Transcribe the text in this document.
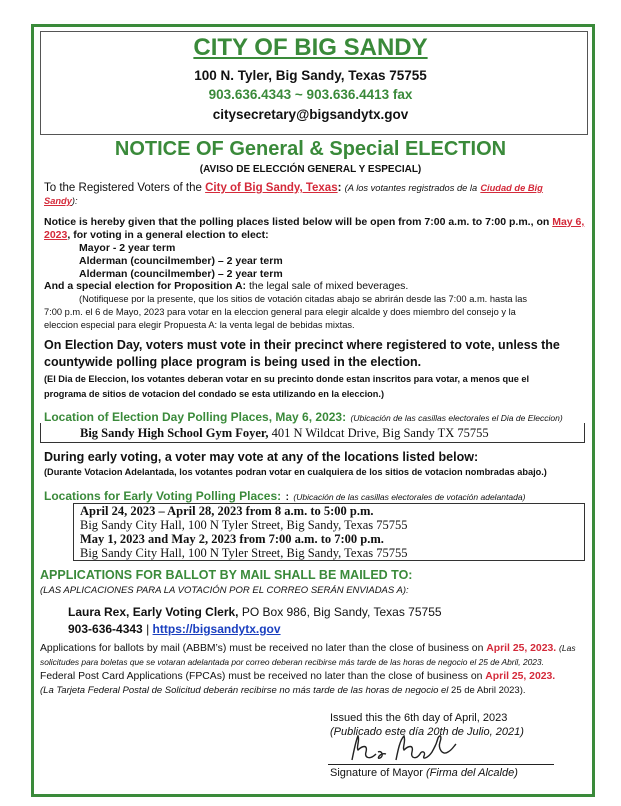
CITY OF BIG SANDY
100 N. Tyler, Big Sandy, Texas 75755
903.636.4343 ~ 903.636.4413 fax
citysecretary@bigsandytx.gov
NOTICE OF General & Special ELECTION
(AVISO DE ELECCIÓN GENERAL Y ESPECIAL)
To the Registered Voters of the City of Big Sandy, Texas: (A los votantes registrados de la Ciudad de Big
Sandy):
Notice is hereby given that the polling places listed below will be open from 7:00 a.m. to 7:00 p.m., on May 6,
2023, for voting in a general election to elect:
Mayor - 2 year term
Alderman (councilmember) – 2 year term
Alderman (councilmember) – 2 year term
And a special election for Proposition A: the legal sale of mixed beverages.
(Notifiquese por la presente, que los sitios de votación citadas abajo se abrirán desde las 7:00 a.m. hasta las
7:00 p.m. el 6 de Mayo, 2023 para votar en la eleccion general para elegir alcalde y does miembro del consejo y la
eleccion especial para elegir Propuesta A: la venta legal de bebidas mixtas.
On Election Day, voters must vote in their precinct where registered to vote, unless the
countywide polling place program is being used in the election.
(El Dia de Eleccion, los votantes deberan votar en su precinto donde estan inscritos para votar, a menos que el
programa de sitios de votacion del condado se esta utilizando en la eleccion.)
Location of Election Day Polling Places, May 6, 2023: (Ubicación de las casillas electorales el Dia de Eleccion)
Big Sandy High School Gym Foyer, 401 N Wildcat Drive, Big Sandy TX 75755
During early voting, a voter may vote at any of the locations listed below:
(Durante Votacion Adelantada, los votantes podran votar en cualquiera de los sitios de votacion nombradas abajo.)
Locations for Early Voting Polling Places: : (Ubicación de las casillas electorales de votación adelantada)
April 24, 2023 – April 28, 2023 from 8 a.m. to 5:00 p.m.
Big Sandy City Hall, 100 N Tyler Street, Big Sandy, Texas 75755
May 1, 2023 and May 2, 2023 from 7:00 a.m. to 7:00 p.m.
Big Sandy City Hall, 100 N Tyler Street, Big Sandy, Texas 75755
APPLICATIONS FOR BALLOT BY MAIL SHALL BE MAILED TO:
(LAS APLICACIONES PARA LA VOTACIÓN POR EL CORREO SERÁN ENVIADAS A):
Laura Rex, Early Voting Clerk, PO Box 986, Big Sandy, Texas 75755
903-636-4343 | https://bigsandytx.gov
Applications for ballots by mail (ABBM’s) must be received no later than the close of business on April 25, 2023. (Las
solicitudes para boletas que se votaran adelantada por correo deberan recibirse más tarde de las horas de negocio el 25 de Abril, 2023.
Federal Post Card Applications (FPCAs) must be received no later than the close of business on April 25, 2023.
(La Tarjeta Federal Postal de Solicitud deberán recibirse no más tarde de las horas de negocio el 25 de Abril 2023).
Issued this the 6th day of April, 2023
(Publicado este día 20th de Julio, 2021)
Signature of Mayor (Firma del Alcalde)
